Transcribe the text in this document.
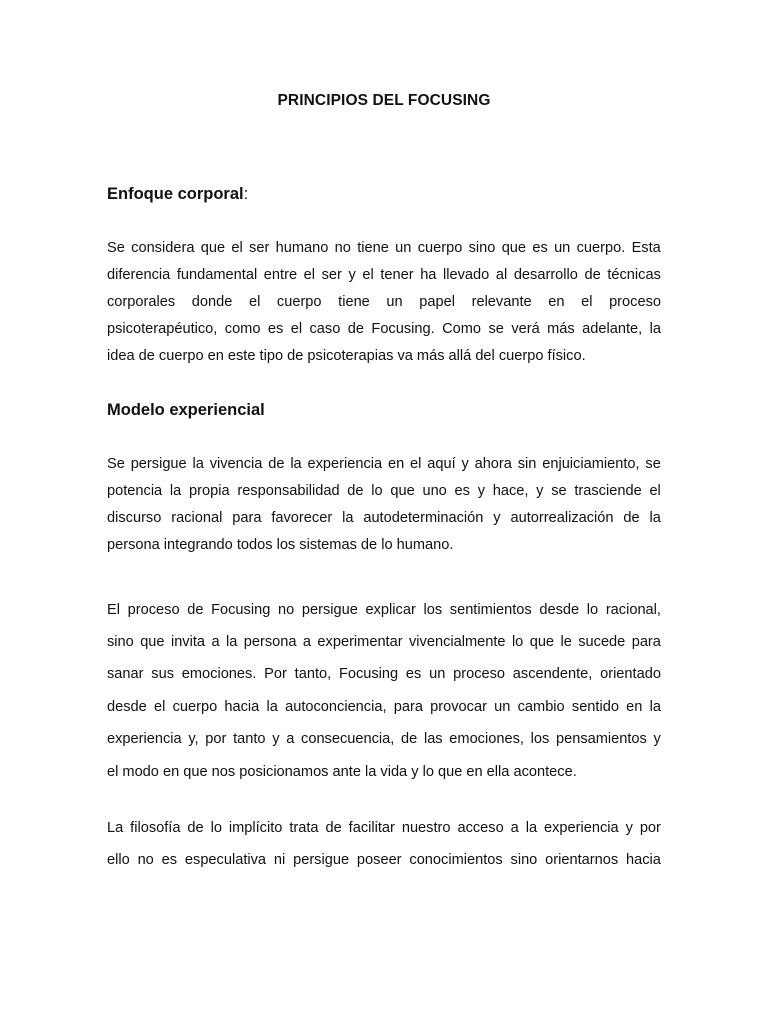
PRINCIPIOS DEL FOCUSING
Enfoque corporal:
Se considera que el ser humano no tiene un cuerpo sino que es un cuerpo. Esta
diferencia fundamental entre el ser y el tener ha llevado al desarrollo de técnicas
corporales donde el cuerpo tiene un papel relevante en el proceso
psicoterapéutico, como es el caso de Focusing. Como se verá más adelante, la
idea de cuerpo en este tipo de psicoterapias va más allá del cuerpo físico.
Modelo experiencial
Se persigue la vivencia de la experiencia en el aquí y ahora sin enjuiciamiento, se
potencia la propia responsabilidad de lo que uno es y hace, y se trasciende el
discurso racional para favorecer la autodeterminación y autorrealización de la
persona integrando todos los sistemas de lo humano.
El proceso de Focusing no persigue explicar los sentimientos desde lo racional,
sino que invita a la persona a experimentar vivencialmente lo que le sucede para
sanar sus emociones. Por tanto, Focusing es un proceso ascendente, orientado
desde el cuerpo hacia la autoconciencia, para provocar un cambio sentido en la
experiencia y, por tanto y a consecuencia, de las emociones, los pensamientos y
el modo en que nos posicionamos ante la vida y lo que en ella acontece.
La filosofía de lo implícito trata de facilitar nuestro acceso a la experiencia y por
ello no es especulativa ni persigue poseer conocimientos sino orientarnos hacia
